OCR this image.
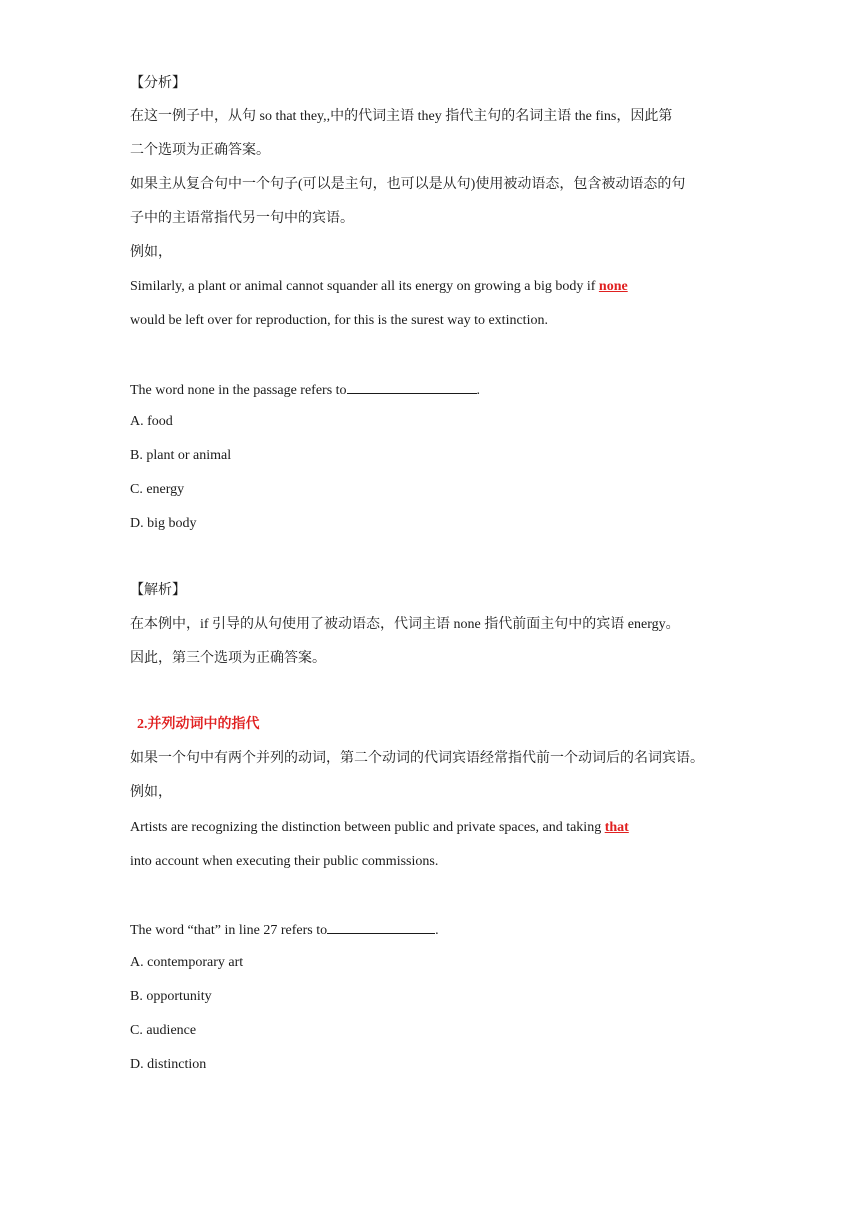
【分析】
在这一例子中，从句 so that they,,中的代词主语 they 指代主句的名词主语 the fins，因此第
二个选项为正确答案。
如果主从复合句中一个句子(可以是主句，也可以是从句)使用被动语态，包含被动语态的句
子中的主语常指代另一句中的宾语。
例如，
Similarly, a plant or animal cannot squander all its energy on growing a big body if none
would be left over for reproduction, for this is the surest way to extinction.
The word none in the passage refers to	.
A. food
B. plant or animal
C. energy
D. big body
【解析】
在本例中，if 引导的从句使用了被动语态，代词主语 none 指代前面主句中的宾语 energy。
因此，第三个选项为正确答案。
2.并列动词中的指代
如果一个句中有两个并列的动词，第二个动词的代词宾语经常指代前一个动词后的名词宾语。
例如，
Artists are recognizing the distinction between public and private spaces, and taking that
into account when executing their public commissions.
The word “that” in line 27 refers to	.
A. contemporary art
B. opportunity
C. audience
D. distinction
